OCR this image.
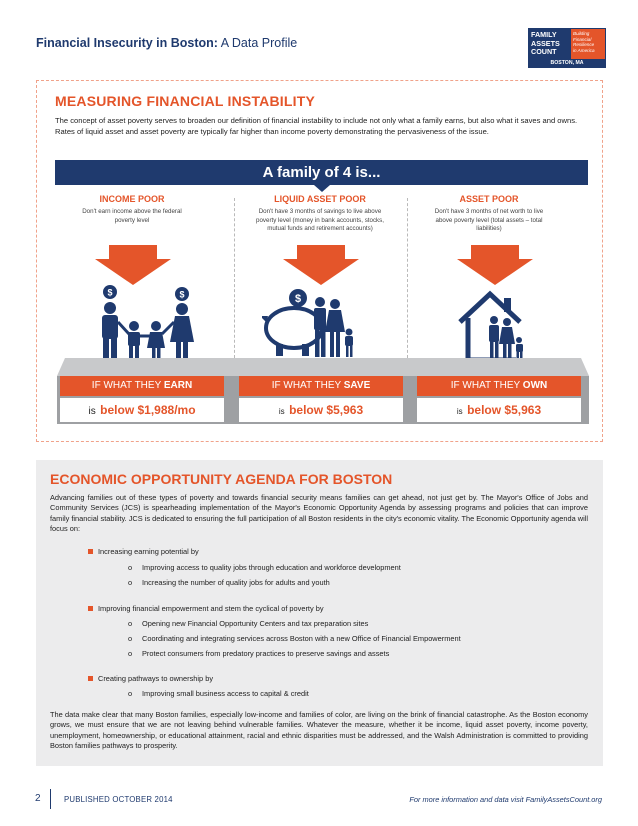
Financial Insecurity in Boston: A Data Profile
FAMILY
ASSETS
COUNT
Building
Financial
Resilience
in America
BOSTON, MA
MEASURING FINANCIAL INSTABILITY
The concept of asset poverty serves to broaden our definition of financial instability to include not only what a family earns, but also what it saves and owns. Rates of liquid asset and asset poverty are typically far higher than income poverty demonstrating the pervasiveness of the issue.
A family of 4 is...
INCOME POOR
Don't earn income above the federal poverty level
LIQUID ASSET POOR
Don't have 3 months of savings to live above poverty level (money in bank accounts, stocks, mutual funds and retirement accounts)
ASSET POOR
Don't have 3 months of net worth to live above poverty level (total assets – total liabilities)
$	$	$
IF WHAT THEY EARN	IF WHAT THEY SAVE	IF WHAT THEY OWN
is below $1,988/mo	is below $5,963	is below $5,963
ECONOMIC OPPORTUNITY AGENDA FOR BOSTON
Advancing families out of these types of poverty and towards financial security means families can get ahead, not just get by. The Mayor's Office of Jobs and Community Services (JCS) is spearheading implementation of the Mayor's Economic Opportunity Agenda by assessing programs and policies that can improve family financial stability. JCS is dedicated to ensuring the full participation of all Boston residents in the city's economic vitality. The Economic Opportunity agenda will focus on:
Increasing earning potential by
o Improving access to quality jobs through education and workforce development
o Increasing the number of quality jobs for adults and youth
Improving financial empowerment and stem the cyclical of poverty by
o Opening new Financial Opportunity Centers and tax preparation sites
o Coordinating and integrating services across Boston with a new Office of Financial Empowerment
o Protect consumers from predatory practices to preserve savings and assets
Creating pathways to ownership by
o Improving small business access to capital & credit
The data make clear that many Boston families, especially low-income and families of color, are living on the brink of financial catastrophe. As the Boston economy grows, we must ensure that we are not leaving behind vulnerable families. Whatever the measure, whether it be income, liquid asset poverty, income poverty, unemployment, homeownership, or educational attainment, racial and ethnic disparities must be addressed, and the Walsh Administration is committed to providing Boston families pathways to prosperity.
2	PUBLISHED OCTOBER 2014	For more information and data visit FamilyAssetsCount.org
